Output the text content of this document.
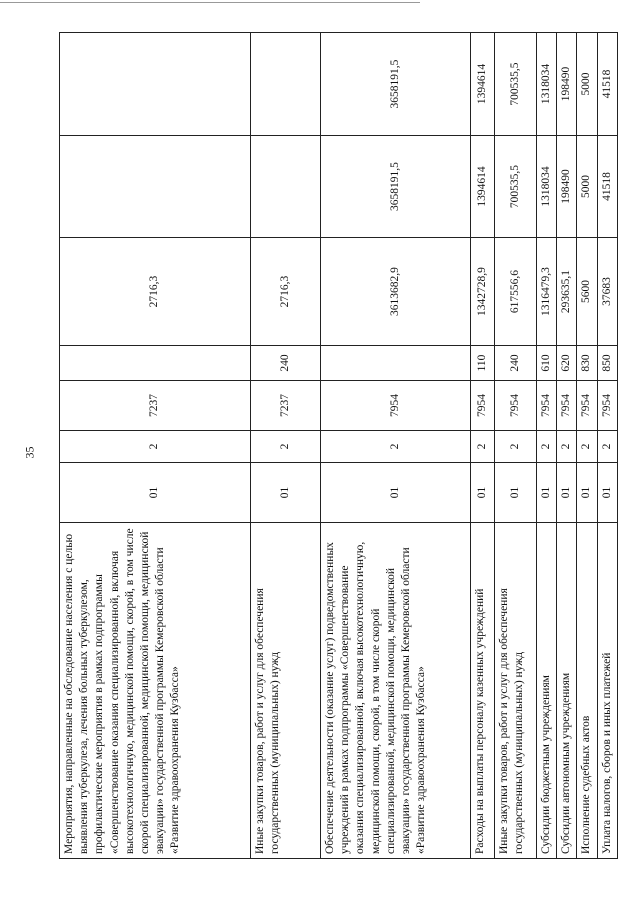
35
Мероприятия, направленные на обследование населения с целью выявления туберкулеза, лечения больных туберкулезом, профилактические мероприятия в рамках подпрограммы «Совершенствование оказания специализированной, включая высокотехнологичную, медицинской помощи, скорой, в том числе скорой специализированной, медицинской помощи, медицинской эвакуации» государственной программы Кемеровской области «Развитие здравоохранения Кузбасса»	01	2	7237		2716,3		
Иные закупки товаров, работ и услуг для обеспечения государственных (муниципальных) нужд	01	2	7237	240	2716,3		
Обеспечение деятельности (оказание услуг) подведомственных учреждений в рамках подпрограммы «Совершенствование оказания специализированной, включая высокотехнологичную, медицинской помощи, скорой, в том числе скорой специализированной, медицинской помощи, медицинской эвакуации» государственной программы Кемеровской области «Развитие здравоохранения Кузбасса»	01	2	7954		3613682,9	3658191,5	3658191,5
Расходы на выплаты персоналу казенных учреждений	01	2	7954	110	1342728,9	1394614	1394614
Иные закупки товаров, работ и услуг для обеспечения государственных (муниципальных) нужд	01	2	7954	240	617556,6	700535,5	700535,5
Субсидии бюджетным учреждениям	01	2	7954	610	1316479,3	1318034	1318034
Субсидии автономным учреждениям	01	2	7954	620	293635,1	198490	198490
Исполнение судебных актов	01	2	7954	830	5600	5000	5000
Уплата налогов, сборов и иных платежей	01	2	7954	850	37683	41518	41518
